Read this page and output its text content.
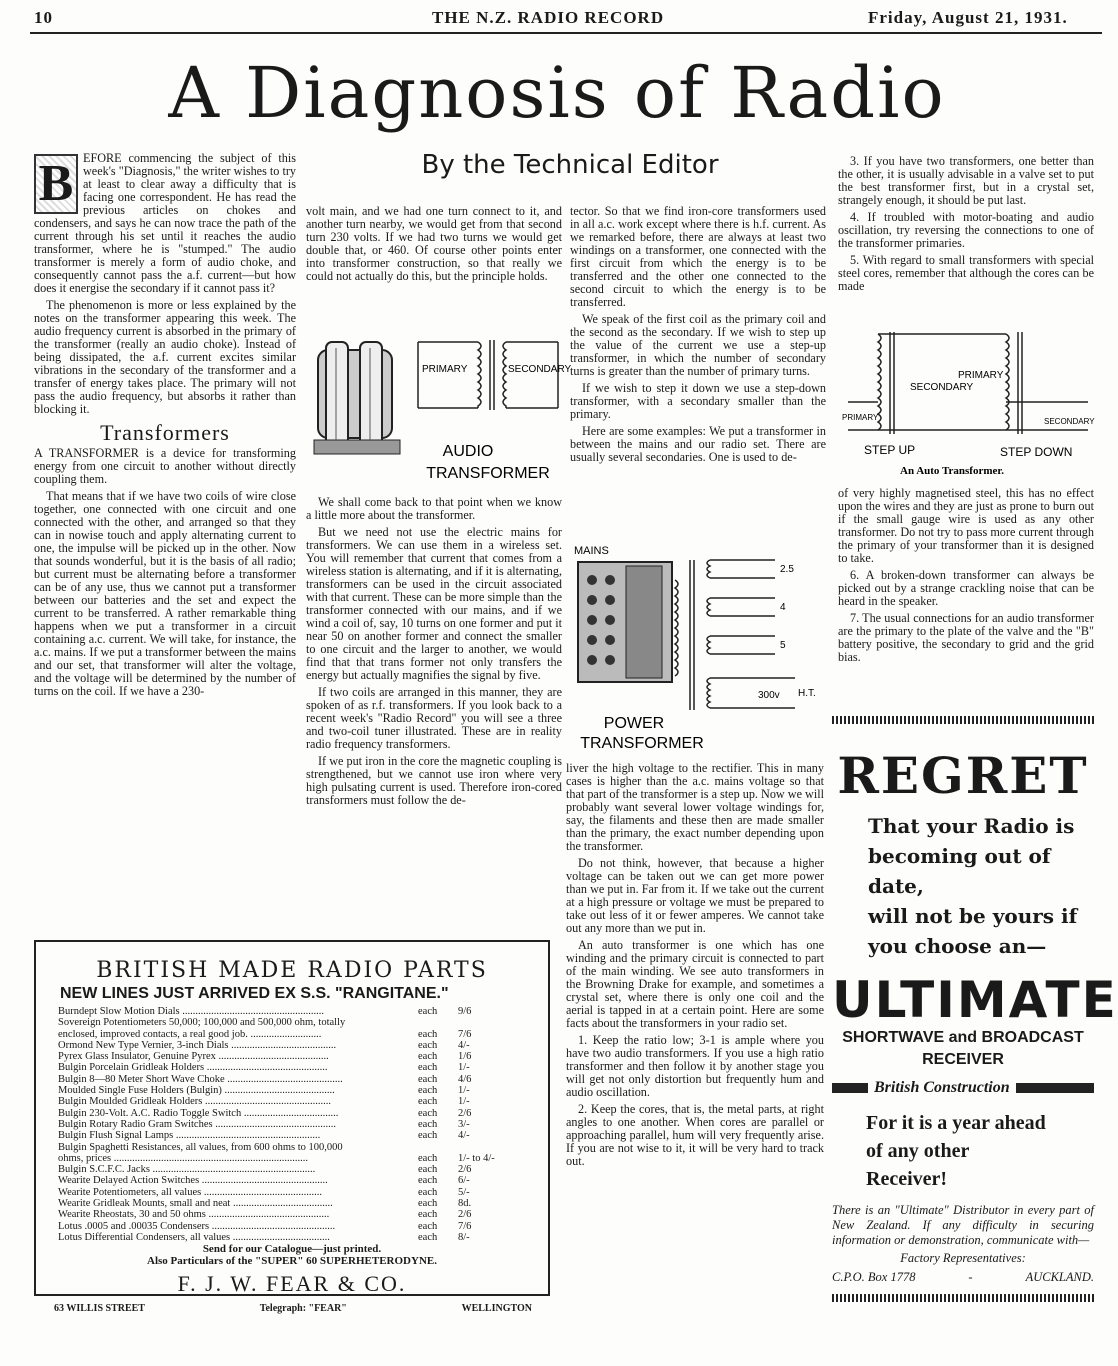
10	THE N.Z. RADIO RECORD	Friday, August 21, 1931.
A Diagnosis of Radio
By the Technical Editor

B EFORE commencing the subject of this week's "Diagnosis," the writer wishes to try at least to clear away a difficulty that is facing one correspondent. He has read the previous articles on chokes and condensers, and says he can now trace the path of the current through his set until it reaches the audio transformer, where he is "stumped." The audio transformer is merely a form of audio choke, and consequently cannot pass the a.f. current—but how does it energise the secondary if it cannot pass it?

The phenomenon is more or less explained by the notes on the transformer appearing this week. The audio frequency current is absorbed in the primary of the transformer (really an audio choke). Instead of being dissipated, the a.f. current excites similar vibrations in the secondary of the transformer and a transfer of energy takes place. The primary will not pass the audio frequency, but absorbs it rather than blocking it.

Transformers

A TRANSFORMER is a device for transforming energy from one circuit to another without directly coupling them.

That means that if we have two coils of wire close together, one connected with one circuit and one connected with the other, and arranged so that they can in nowise touch and apply alternating current to one, the impulse will be picked up in the other. Now that sounds wonderful, but it is the basis of all radio; but current must be alternating before a transformer can be of any use, thus we cannot put a transformer between our batteries and the set and expect the current to be transferred. A rather remarkable thing happens when we put a transformer in a circuit containing a.c. current. We will take, for instance, the a.c. mains. If we put a transformer between the mains and our set, that transformer will alter the voltage, and the voltage will be determined by the number of turns on the coil. If we have a 230-

volt main, and we had one turn connect to it, and another turn nearby, we would get from that second turn 230 volts. If we had two turns we would get double that, or 460. Of course other points enter into transformer construction, so that really we could not actually do this, but the principle holds.

PRIMARY	SECONDARY
AUDIO
TRANSFORMER

We shall come back to that point when we know a little more about the transformer.

But we need not use the electric mains for transformers. We can use them in a wireless set. You will remember that current that comes from a wireless station is alternating, and if it is alternating, transformers can be used in the circuit associated with that current. These can be more simple than the transformer connected with our mains, and if we wind a coil of, say, 10 turns on one former and put it near 50 on another former and connect the smaller to one circuit and the larger to another, we would find that that trans former not only transfers the energy but actually magnifies the signal by five.

If two coils are arranged in this manner, they are spoken of as r.f. transformers. If you look back to a recent week's "Radio Record" you will see a three and two-coil tuner illustrated. These are in reality radio frequency transformers.

If we put iron in the core the magnetic coupling is strengthened, but we cannot use iron where very high pulsating current is used. Therefore iron-cored transformers must follow the de-

tector. So that we find iron-core transformers used in all a.c. work except where there is h.f. current. As we remarked before, there are always at least two windings on a transformer, one connected with the first circuit from which the energy is to be transferred and the other one connected to the second circuit to which the energy is to be transferred.

We speak of the first coil as the primary coil and the second as the secondary. If we wish to step up the value of the current we use a step-up transformer, in which the number of secondary turns is greater than the number of primary turns.

If we wish to step it down we use a step-down transformer, with a secondary smaller than the primary.

Here are some examples: We put a transformer in between the mains and our radio set. There are usually several secondaries. One is used to de-

MAINS
2.5
4
5
300v H.T.
POWER
TRANSFORMER

liver the high voltage to the rectifier. This in many cases is higher than the a.c. mains voltage so that that part of the transformer is a step up. Now we will probably want several lower voltage windings for, say, the filaments and these then are made smaller than the primary, the exact number depending upon the transformer.

Do not think, however, that because a higher voltage can be taken out we can get more power than we put in. Far from it. If we take out the current at a high pressure or voltage we must be prepared to take out less of it or fewer amperes. We cannot take out any more than we put in.

An auto transformer is one which has one winding and the primary circuit is connected to part of the main winding. We see auto transformers in the Browning Drake for example, and sometimes a crystal set, where there is only one coil and the aerial is tapped in at a certain point. Here are some facts about the transformers in your radio set.

1. Keep the ratio low; 3-1 is ample where you have two audio transformers. If you use a high ratio transformer and then follow it by another stage you will get not only distortion but frequently hum and audio oscillation.

2. Keep the cores, that is, the metal parts, at right angles to one another. When cores are parallel or approaching parallel, hum will very frequently arise. If you are not wise to it, it will be very hard to track out.

3. If you have two transformers, one better than the other, it is usually advisable in a valve set to put the best transformer first, but in a crystal set, strangely enough, it should be put last.

4. If troubled with motor-boating and audio oscillation, try reversing the connections to one of the transformer primaries.

5. With regard to small transformers with special steel cores, remember that although the cores can be made

PRIMARY
SECONDARY
PRIMARY	SECONDARY
STEP UP	STEP DOWN
An Auto Transformer.

of very highly magnetised steel, this has no effect upon the wires and they are just as prone to burn out if the small gauge wire is used as any other transformer. Do not try to pass more current through the primary of your transformer than it is designed to take.

6. A broken-down transformer can always be picked out by a strange crackling noise that can be heard in the speaker.

7. The usual connections for an audio transformer are the primary to the plate of the valve and the "B" battery positive, the secondary to grid and the grid bias.

REGRET
That your Radio is
becoming out of date,
will not be yours if
you choose an—
ULTIMATE
SHORTWAVE and BROADCAST
RECEIVER
British Construction
For it is a year ahead
of any other
Receiver!
There is an "Ultimate" Distributor in every part of New Zealand. If any difficulty in securing information or demonstration, communicate with—
Factory Representatives:
C.P.O. Box 1778	-	AUCKLAND.
BRITISH MADE RADIO PARTS
NEW LINES JUST ARRIVED EX S.S. "RANGITANE."
Burndept Slow Motion Dials ......................................................	each	9/6
Sovereign Potentiometers 50,000; 100,000 and 500,000 ohm, totally
enclosed, improved contacts, a real good job. ...........................	each	7/6
Ormond New Type Vernier, 3-inch Dials ........................................	each	4/-
Pyrex Glass Insulator, Genuine Pyrex ..........................................	each	1/6
Bulgin Porcelain Gridleak Holders ..............................................	each	1/-
Bulgin 8—80 Meter Short Wave Choke ............................................	each	4/6
Moulded Single Fuse Holders (Bulgin) ..........................................	each	1/-
Bulgin Moulded Gridleak Holders ................................................	each	1/-
Bulgin 230-Volt. A.C. Radio Toggle Switch ....................................	each	2/6
Bulgin Rotary Radio Gram Switches ..............................................	each	3/-
Bulgin Flush Signal Lamps .......................................................	each	4/-
Bulgin Spaghetti Resistances, all values, from 600 ohms to 100,000
ohms, prices ..........................................................................	each	1/- to 4/-
Bulgin S.C.F.C. Jacks ..............................................................	each	2/6
Wearite Delayed Action Switches ................................................	each	6/-
Wearite Potentiometers, all values .............................................	each	5/-
Wearite Gridleak Mounts, small and neat ......................................	each	8d.
Wearite Rheostats, 30 and 50 ohms ..............................................	each	2/6
Lotus .0005 and .00035 Condensers ...............................................	each	7/6
Lotus Differential Condensers, all values .....................................	each	8/-
Send for our Catalogue—just printed.
Also Particulars of the "SUPER" 60 SUPERHETERODYNE.
F. J. W. FEAR & CO.
63 WILLIS STREET	Telegraph: "FEAR"	WELLINGTON
